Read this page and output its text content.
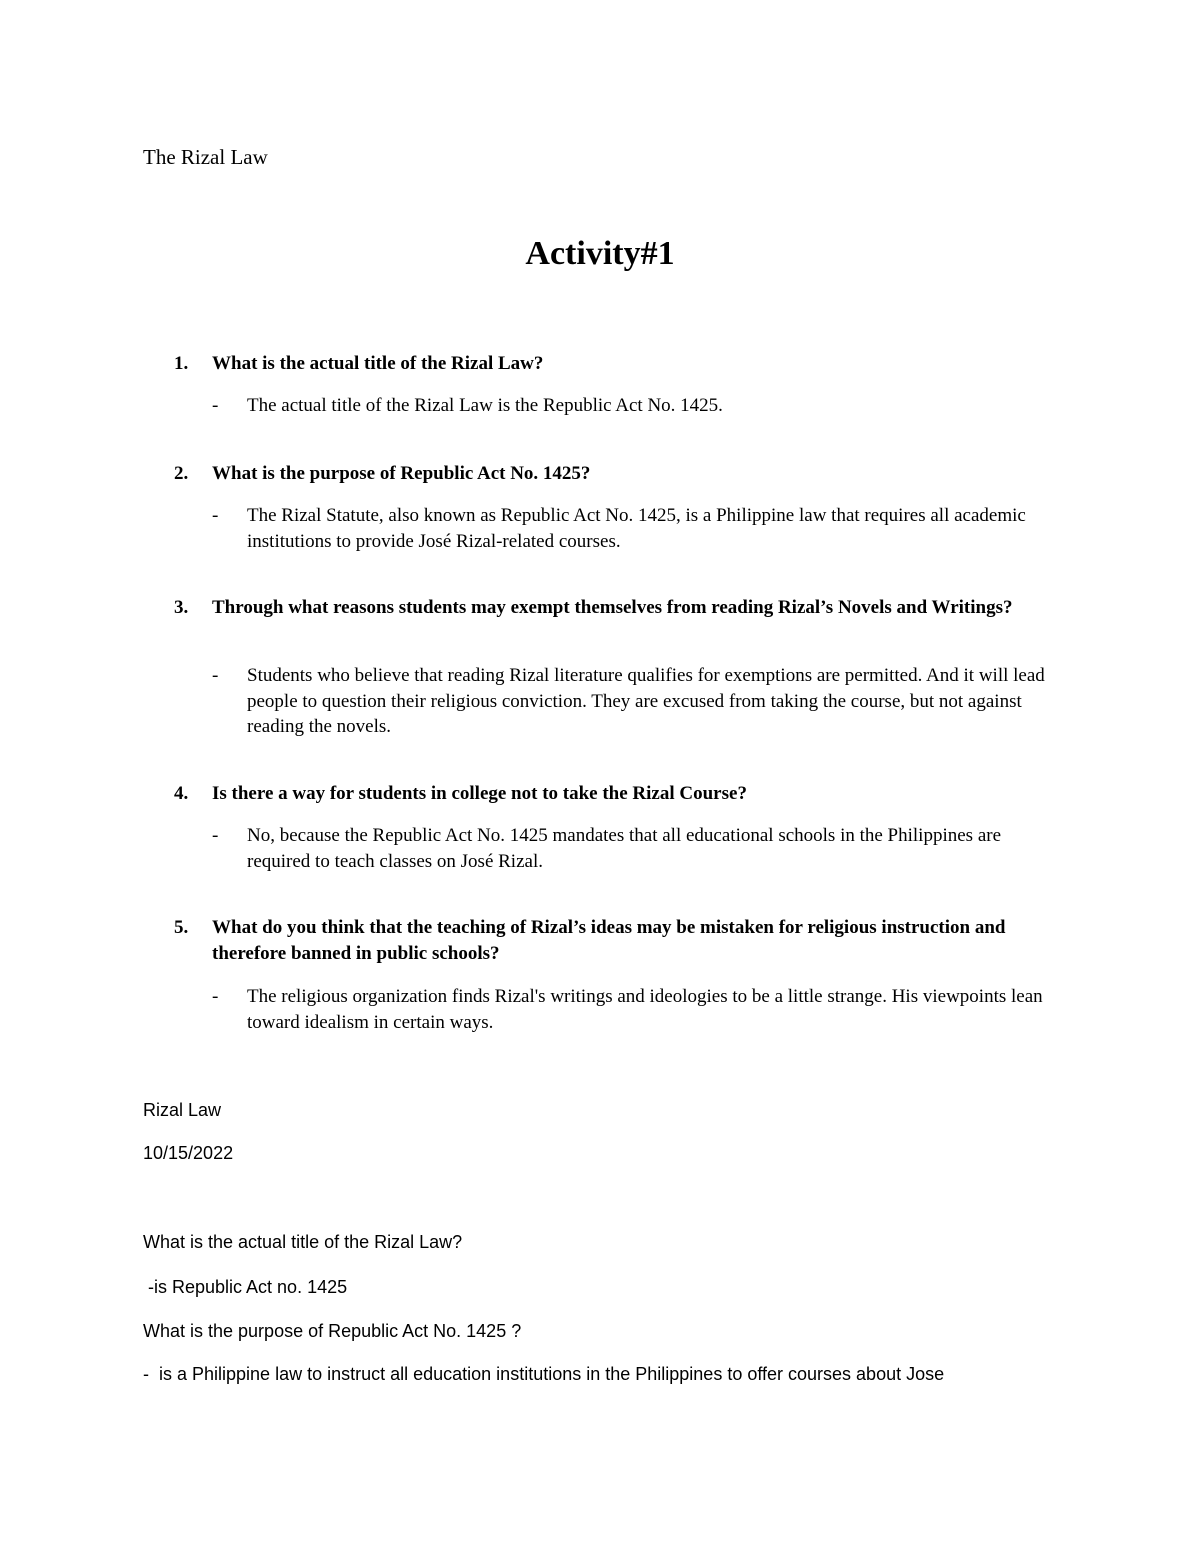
The Rizal Law
Activity#1
1. What is the actual title of the Rizal Law?
- The actual title of the Rizal Law is the Republic Act No. 1425.
2. What is the purpose of Republic Act No. 1425?
- The Rizal Statute, also known as Republic Act No. 1425, is a Philippine law that requires all academic institutions to provide José Rizal-related courses.
3. Through what reasons students may exempt themselves from reading Rizal’s Novels and Writings?
- Students who believe that reading Rizal literature qualifies for exemptions are permitted. And it will lead people to question their religious conviction. They are excused from taking the course, but not against reading the novels.
4. Is there a way for students in college not to take the Rizal Course?
- No, because the Republic Act No. 1425 mandates that all educational schools in the Philippines are required to teach classes on José Rizal.
5. What do you think that the teaching of Rizal’s ideas may be mistaken for religious instruction and therefore banned in public schools?
- The religious organization finds Rizal's writings and ideologies to be a little strange. His viewpoints lean toward idealism in certain ways.
Rizal Law
10/15/2022
What is the actual title of the Rizal Law?
-is Republic Act no. 1425
What is the purpose of Republic Act No. 1425 ?
-  is a Philippine law to instruct all education institutions in the Philippines to offer courses about Jose
